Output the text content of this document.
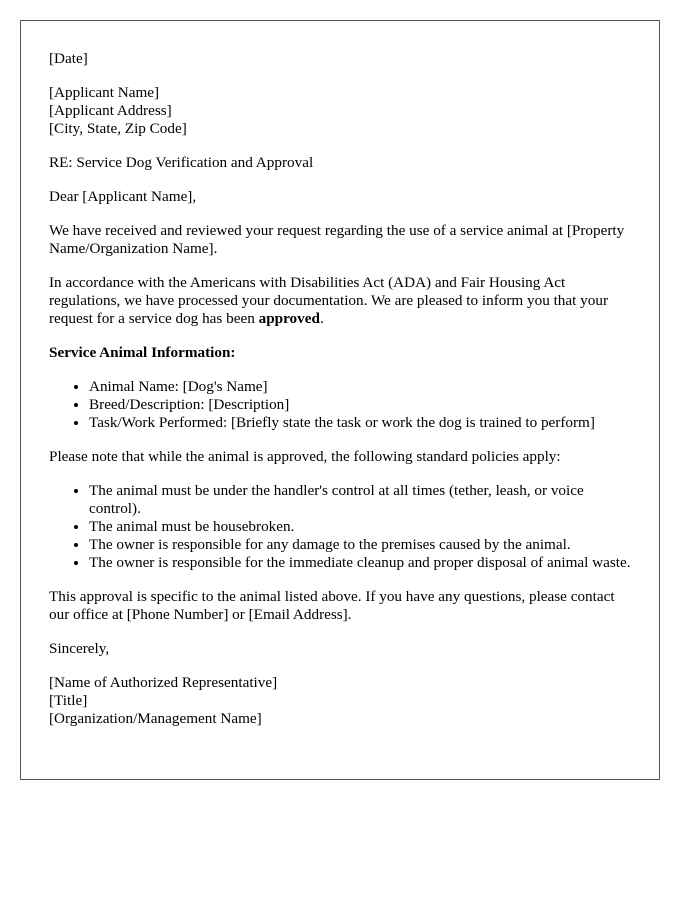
[Date]

[Applicant Name]
[Applicant Address]
[City, State, Zip Code]

RE: Service Dog Verification and Approval

Dear [Applicant Name],

We have received and reviewed your request regarding the use of a service animal at [Property Name/Organization Name].

In accordance with the Americans with Disabilities Act (ADA) and Fair Housing Act regulations, we have processed your documentation. We are pleased to inform you that your request for a service dog has been approved.

Service Animal Information:

• Animal Name: [Dog's Name]
• Breed/Description: [Description]
• Task/Work Performed: [Briefly state the task or work the dog is trained to perform]

Please note that while the animal is approved, the following standard policies apply:

• The animal must be under the handler's control at all times (tether, leash, or voice control).
• The animal must be housebroken.
• The owner is responsible for any damage to the premises caused by the animal.
• The owner is responsible for the immediate cleanup and proper disposal of animal waste.

This approval is specific to the animal listed above. If you have any questions, please contact our office at [Phone Number] or [Email Address].

Sincerely,

[Name of Authorized Representative]
[Title]
[Organization/Management Name]
